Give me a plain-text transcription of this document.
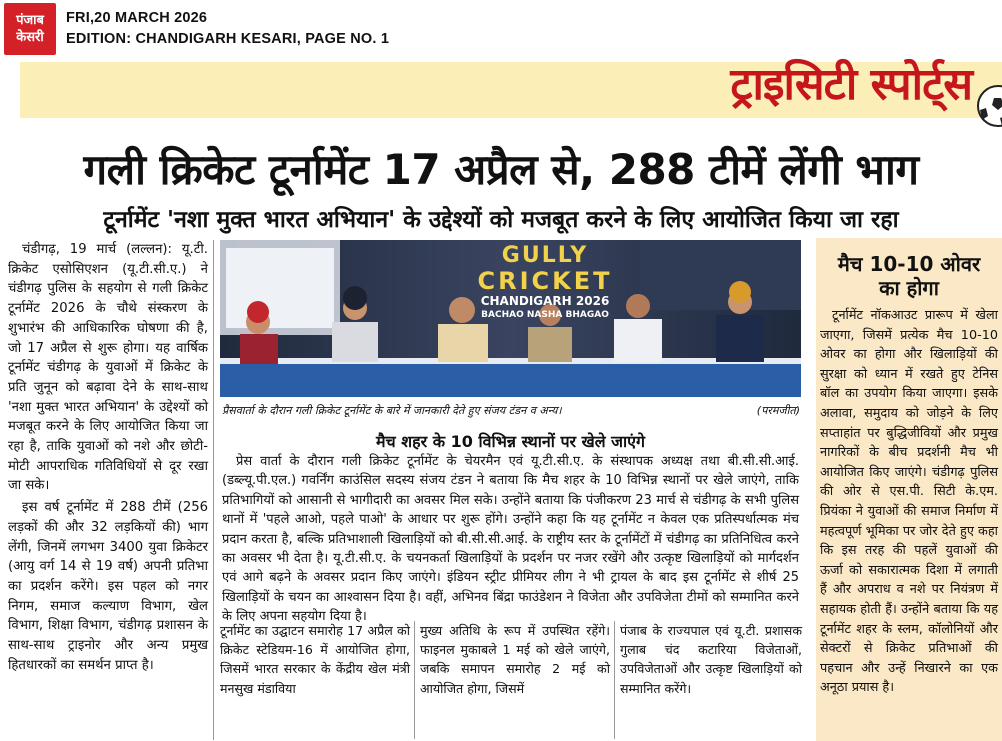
पंजाब
केसरी
FRI,20 MARCH 2026
EDITION: CHANDIGARH KESARI, PAGE NO. 1
ट्राइसिटी स्पोर्ट्स
गली क्रिकेट टूर्नामेंट 17 अप्रैल से, 288 टीमें लेंगी भाग
टूर्नामेंट 'नशा मुक्त भारत अभियान' के उद्देश्यों को मजबूत करने के लिए आयोजित किया जा रहा

चंडीगढ़, 19 मार्च (लल्लन): यू.टी. क्रिकेट एसोसिएशन (यू.टी.सी.ए.) ने चंडीगढ़ पुलिस के सहयोग से गली क्रिकेट टूर्नामेंट 2026 के चौथे संस्करण के शुभारंभ की आधिकारिक घोषणा की है, जो 17 अप्रैल से शुरू होगा। यह वार्षिक टूर्नामेंट चंडीगढ़ के युवाओं में क्रिकेट के प्रति जुनून को बढ़ावा देने के साथ-साथ 'नशा मुक्त भारत अभियान' के उद्देश्यों को मजबूत करने के लिए आयोजित किया जा रहा है, ताकि युवाओं को नशे और छोटी-मोटी आपराधिक गतिविधियों से दूर रखा जा सके।

इस वर्ष टूर्नामेंट में 288 टीमें (256 लड़कों की और 32 लड़कियों की) भाग लेंगी, जिनमें लगभग 3400 युवा क्रिकेटर (आयु वर्ग 14 से 19 वर्ष) अपनी प्रतिभा का प्रदर्शन करेंगे। इस पहल को नगर निगम, समाज कल्याण विभाग, खेल विभाग, शिक्षा विभाग, चंडीगढ़ प्रशासन के साथ-साथ ट्राइनोर और अन्य प्रमुख हितधारकों का समर्थन प्राप्त है।

GULLY
CRICKET
CHANDIGARH 2026
BACHAO NASHA BHAGAO
प्रैसवार्ता के दौरान गली क्रिकेट टूर्नामेंट के बारे में जानकारी देते हुए संजय टंडन व अन्य।	(परमजीत)
मैच शहर के 10 विभिन्न स्थानों पर खेले जाएंगे

प्रेस वार्ता के दौरान गली क्रिकेट टूर्नामेंट के चेयरमैन एवं यू.टी.सी.ए. के संस्थापक अध्यक्ष तथा बी.सी.सी.आई. (डब्ल्यू.पी.एल.) गवर्निंग काउंसिल सदस्य संजय टंडन ने बताया कि मैच शहर के 10 विभिन्न स्थानों पर खेले जाएंगे, ताकि प्रतिभागियों को आसानी से भागीदारी का अवसर मिल सके। उन्होंने बताया कि पंजीकरण 23 मार्च से चंडीगढ़ के सभी पुलिस थानों में 'पहले आओ, पहले पाओ' के आधार पर शुरू होंगे। उन्होंने कहा कि यह टूर्नामेंट न केवल एक प्रतिस्पर्धात्मक मंच प्रदान करता है, बल्कि प्रतिभाशाली खिलाड़ियों को बी.सी.सी.आई. के राष्ट्रीय स्तर के टूर्नामेंटों में चंडीगढ़ का प्रतिनिधित्व करने का अवसर भी देता है। यू.टी.सी.ए. के चयनकर्ता खिलाड़ियों के प्रदर्शन पर नजर रखेंगे और उत्कृष्ट खिलाड़ियों को मार्गदर्शन एवं आगे बढ़ने के अवसर प्रदान किए जाएंगे। इंडियन स्ट्रीट प्रीमियर लीग ने भी ट्रायल के बाद इस टूर्नामेंट से शीर्ष 25 खिलाड़ियों के चयन का आश्वासन दिया है। वहीं, अभिनव बिंद्रा फाउंडेशन ने विजेता और उपविजेता टीमों को सम्मानित करने के लिए अपना सहयोग दिया है।

टूर्नामेंट का उद्घाटन समारोह 17 अप्रैल को क्रिकेट स्टेडियम-16 में आयोजित होगा, जिसमें भारत सरकार के केंद्रीय खेल मंत्री मनसुख मंडाविया
मुख्य अतिथि के रूप में उपस्थित रहेंगे। फाइनल मुकाबले 1 मई को खेले जाएंगे, जबकि समापन समारोह 2 मई को आयोजित होगा, जिसमें
पंजाब के राज्यपाल एवं यू.टी. प्रशासक गुलाब चंद कटारिया विजेताओं, उपविजेताओं और उत्कृष्ट खिलाड़ियों को सम्मानित करेंगे।
मैच 10-10 ओवर
का होगा

टूर्नामेंट नॉकआउट प्रारूप में खेला जाएगा, जिसमें प्रत्येक मैच 10-10 ओवर का होगा और खिलाड़ियों की सुरक्षा को ध्यान में रखते हुए टेनिस बॉल का उपयोग किया जाएगा। इसके अलावा, समुदाय को जोड़ने के लिए सप्ताहांत पर बुद्धिजीवियों और प्रमुख नागरिकों के बीच प्रदर्शनी मैच भी आयोजित किए जाएंगे। चंडीगढ़ पुलिस की ओर से एस.पी. सिटी के.एम. प्रियंका ने युवाओं की समाज निर्माण में महत्वपूर्ण भूमिका पर जोर देते हुए कहा कि इस तरह की पहलें युवाओं की ऊर्जा को सकारात्मक दिशा में लगाती हैं और अपराध व नशे पर नियंत्रण में सहायक होती हैं। उन्होंने बताया कि यह टूर्नामेंट शहर के स्लम, कॉलोनियों और सेक्टरों से क्रिकेट प्रतिभाओं की पहचान और उन्हें निखारने का एक अनूठा प्रयास है।
